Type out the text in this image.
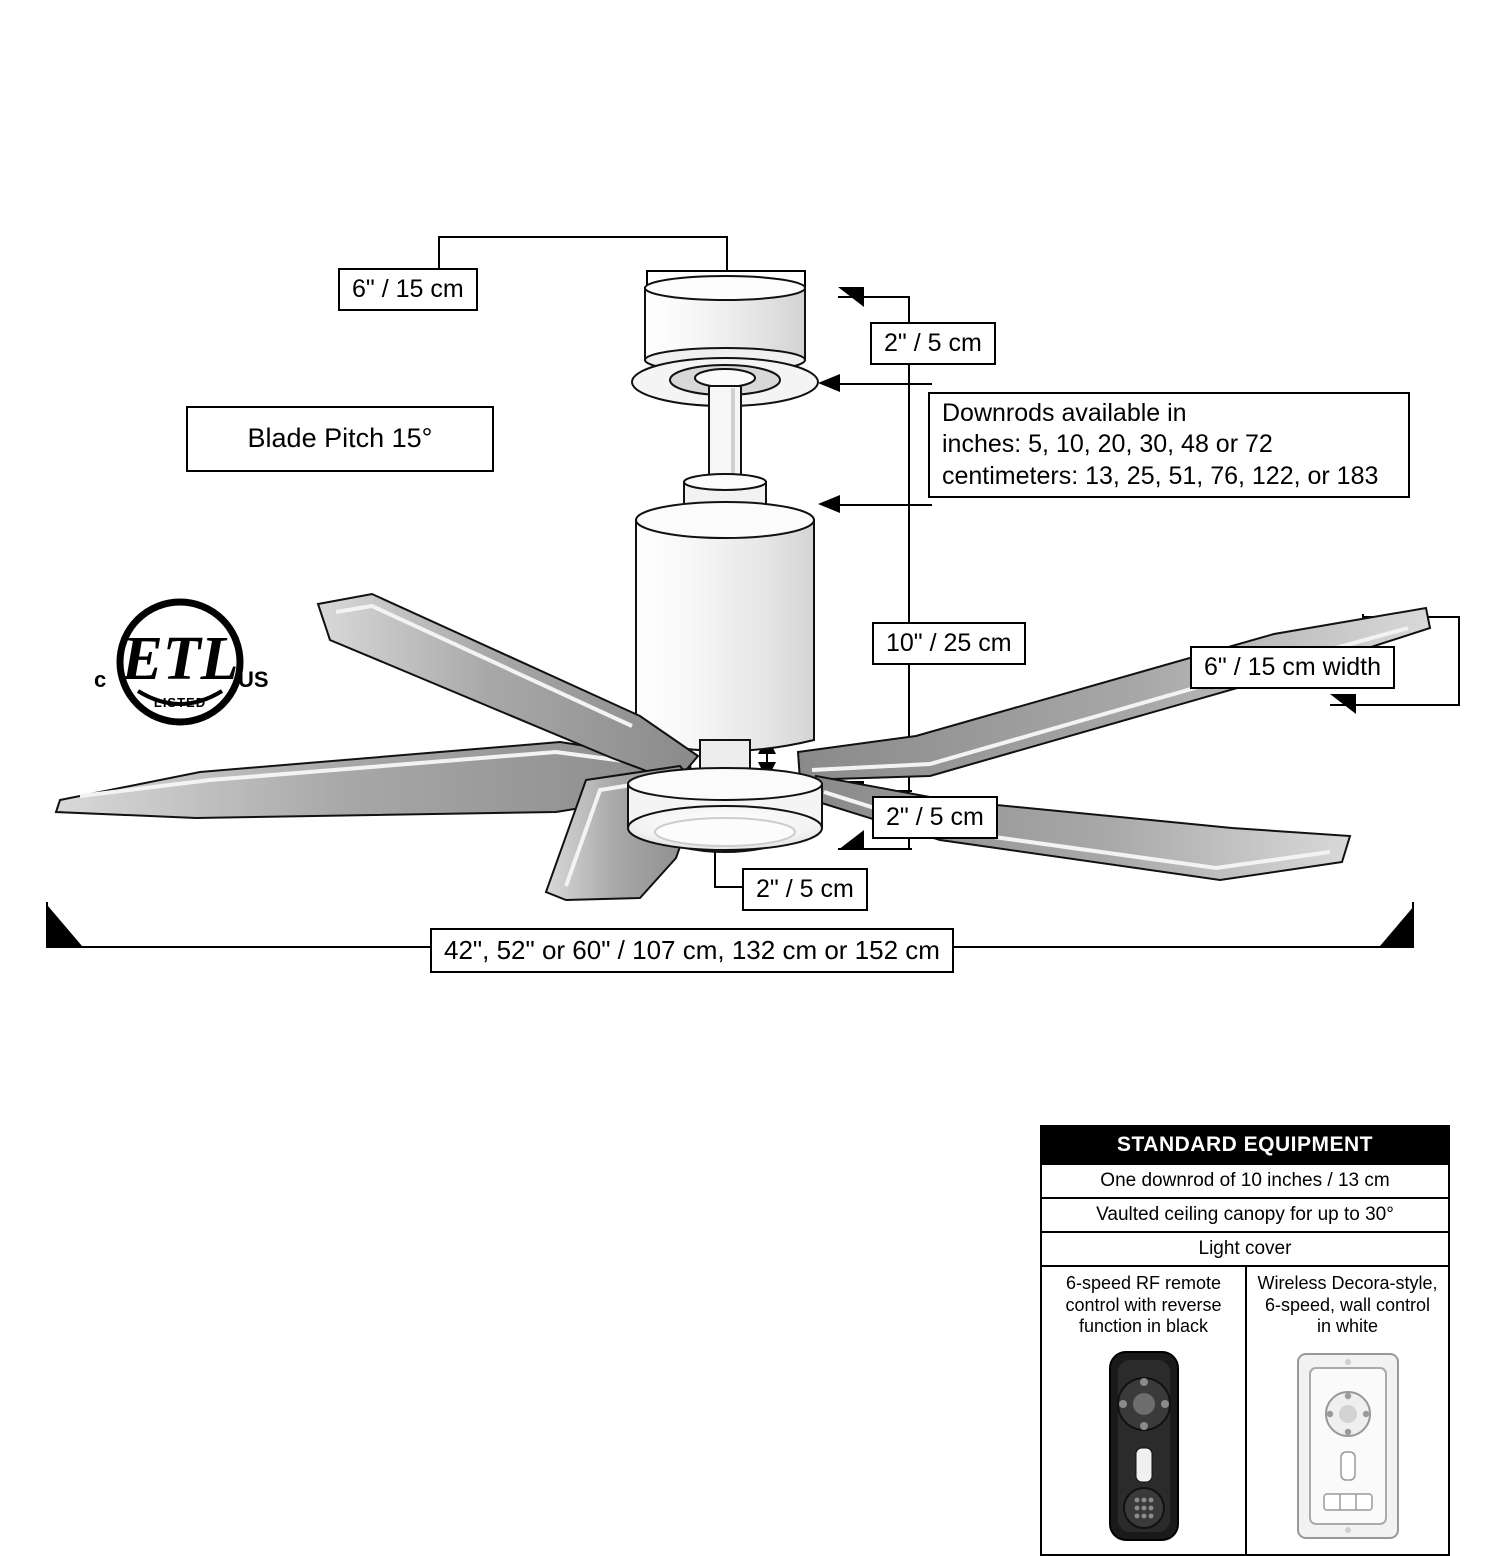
ETL
LISTED
c	US
6" / 15 cm
2" / 5 cm
Downrods available in
inches: 5, 10, 20, 30, 48 or 72
centimeters: 13, 25, 51, 76, 122, or 183
Blade Pitch 15°
10" / 25 cm
6" / 15 cm width
2" / 5 cm
2" / 5 cm
42", 52" or 60" / 107 cm, 132 cm or 152 cm
STANDARD EQUIPMENT
One downrod of 10 inches / 13 cm
Vaulted ceiling canopy for up to 30°
Light cover
6-speed RF remote
control with reverse
function in black
Wireless Decora-style,
6-speed, wall control
in white
